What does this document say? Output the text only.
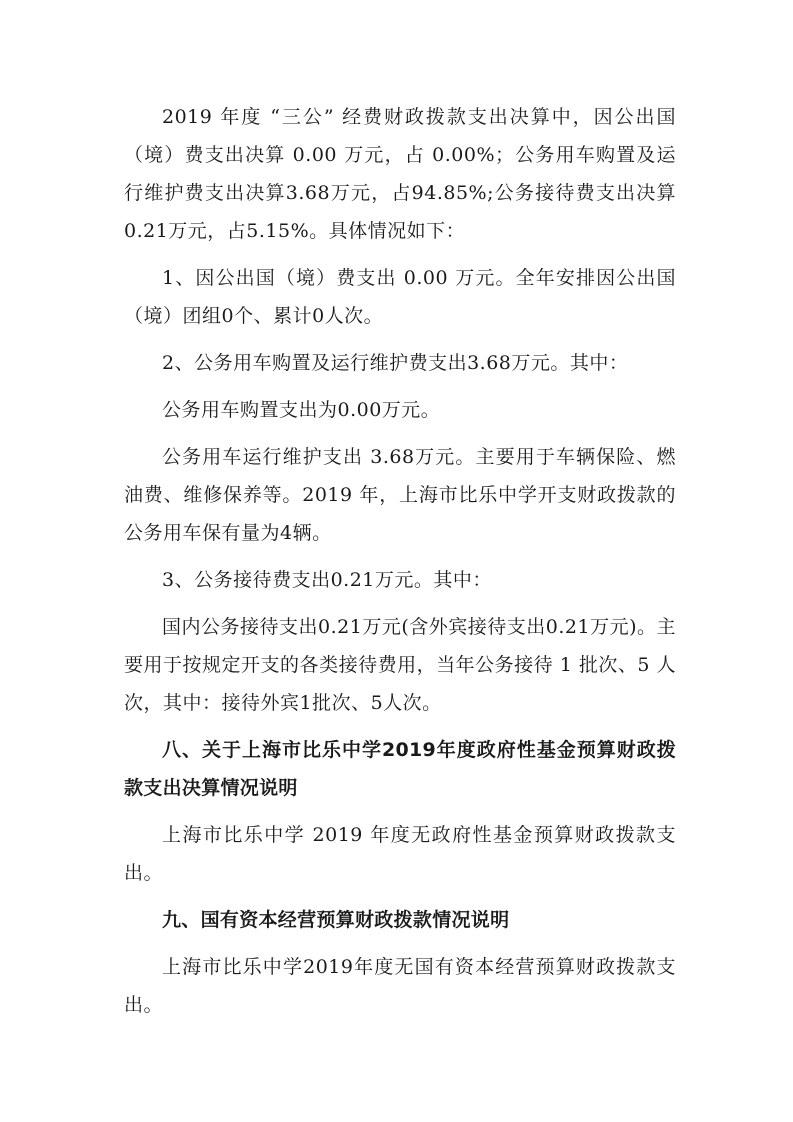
2019 年度 “三公” 经费财政拨款支出决算中，因公出国（境）费支出决算 0.00 万元，占 0.00%；公务用车购置及运行维护费支出决算3.68万元，占94.85%;公务接待费支出决算0.21万元，占5.15%。具体情况如下：

1、因公出国（境）费支出 0.00 万元。全年安排因公出国（境）团组0个、累计0人次。

2、公务用车购置及运行维护费支出3.68万元。其中：

公务用车购置支出为0.00万元。

公务用车运行维护支出 3.68万元。主要用于车辆保险、燃油费、维修保养等。2019 年，上海市比乐中学开支财政拨款的公务用车保有量为4辆。

3、公务接待费支出0.21万元。其中：

国内公务接待支出0.21万元(含外宾接待支出0.21万元)。主要用于按规定开支的各类接待费用，当年公务接待 1 批次、5 人次，其中：接待外宾1批次、5人次。

八、关于上海市比乐中学2019年度政府性基金预算财政拨款支出决算情况说明

上海市比乐中学 2019 年度无政府性基金预算财政拨款支出。

九、国有资本经营预算财政拨款情况说明

上海市比乐中学2019年度无国有资本经营预算财政拨款支出。
